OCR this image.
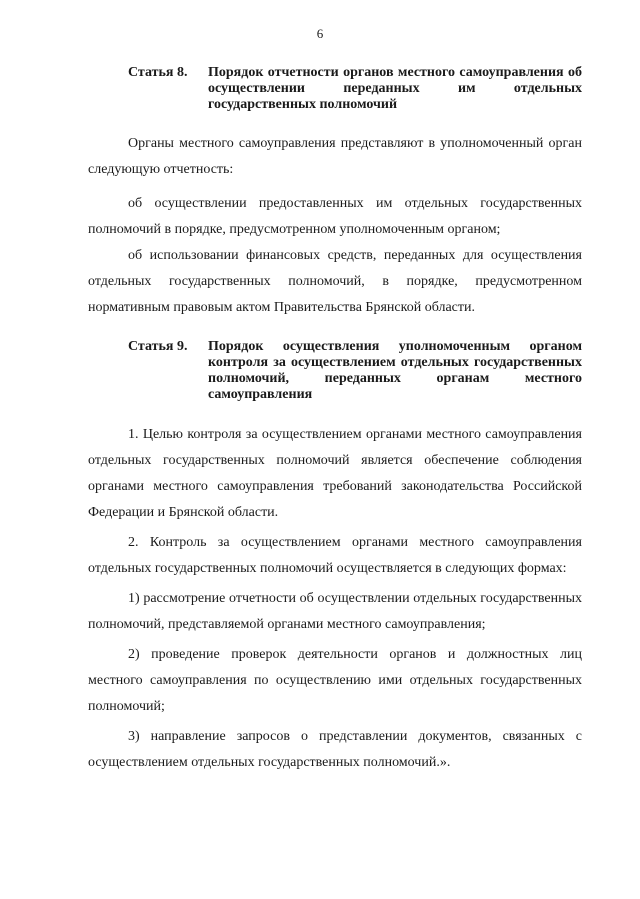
6
Статья 8.	Порядок отчетности органов местного самоуправления об осуществлении переданных им отдельных государственных полномочий

Органы местного самоуправления представляют в уполномоченный орган следующую отчетность:

об осуществлении предоставленных им отдельных государственных полномочий в порядке, предусмотренном уполномоченным органом;

об использовании финансовых средств, переданных для осуществления отдельных государственных полномочий, в порядке, предусмотренном нормативным правовым актом Правительства Брянской области.

Статья 9.	Порядок осуществления уполномоченным органом контроля за осуществлением отдельных государственных полномочий, переданных органам местного самоуправления

1. Целью контроля за осуществлением органами местного самоуправления отдельных государственных полномочий является обеспечение соблюдения органами местного самоуправления требований законодательства Российской Федерации и Брянской области.

2. Контроль за осуществлением органами местного самоуправления отдельных государственных полномочий осуществляется в следующих формах:

1) рассмотрение отчетности об осуществлении отдельных государственных полномочий, представляемой органами местного самоуправления;

2) проведение проверок деятельности органов и должностных лиц местного самоуправления по осуществлению ими отдельных государственных полномочий;

3) направление запросов о представлении документов, связанных с осуществлением отдельных государственных полномочий.».
